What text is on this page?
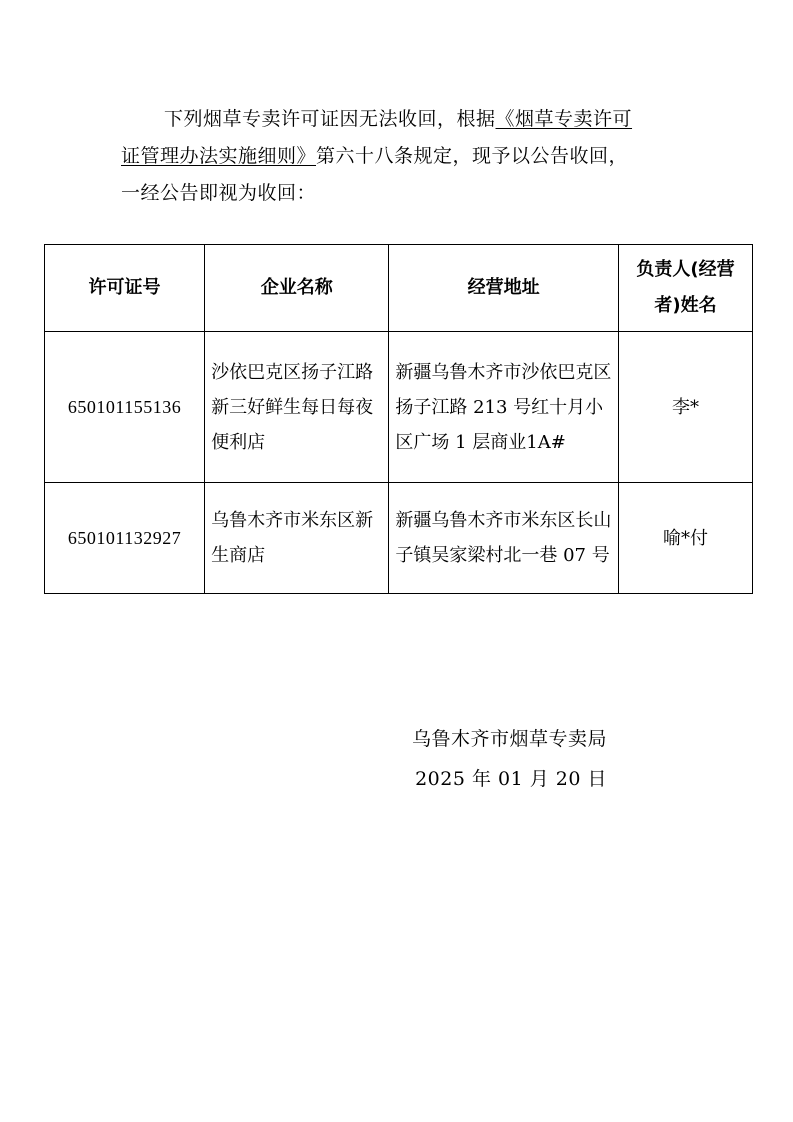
下列烟草专卖许可证因无法收回，根据《烟草专卖许可

证管理办法实施细则》第六十八条规定，现予以公告收回，

一经公告即视为收回：

许可证号	企业名称	经营地址	负责人(经营者)姓名
650101155136	沙依巴克区扬子江路新三好鲜生每日每夜便利店	新疆乌鲁木齐市沙依巴克区扬子江路 213 号红十月小区广场 1 层商业1A#	李*
650101132927	乌鲁木齐市米东区新生商店	新疆乌鲁木齐市米东区长山子镇吴家梁村北一巷 07 号	喻*付
乌鲁木齐市烟草专卖局
2025 年 01 月 20 日
